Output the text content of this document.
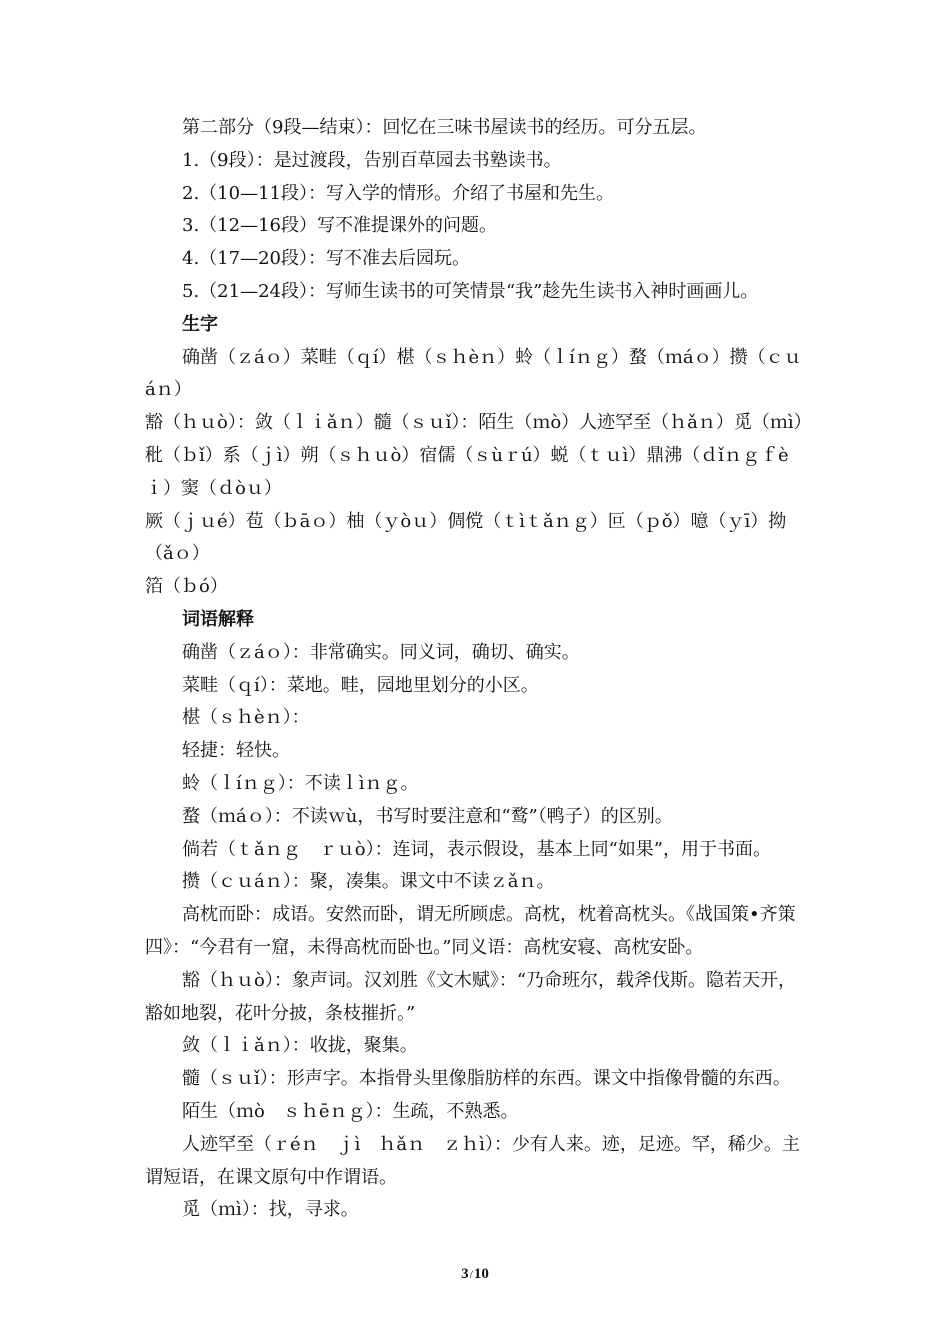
第二部分（9段—结束）：回忆在三味书屋读书的经历。可分五层。

1.（9段）：是过渡段，告别百草园去书塾读书。

2.（10—11段）：写入学的情形。介绍了书屋和先生。

3.（12—16段）写不准提课外的问题。

4.（17—20段）：写不准去后园玩。

5.（21—24段）：写师生读书的可笑情景“我”趁先生读书入神时画画儿。

生字

确凿（ｚáｏ）菜畦（ｑí）椹（ｓｈèｎ）蛉（ｌíｎｇ）蝥（ｍáｏ）攒（ｃｕáｎ）

豁（ｈｕò）：敛（ｌｉǎｎ）髓（ｓｕǐ）：陌生（ｍò）人迹罕至（ｈǎｎ）觅（ｍì）秕（ｂǐ）系（ｊì）朔（ｓｈｕò）宿儒（ｓùｒú）蜕（ｔｕì）鼎沸（ｄǐｎｇｆèｉ）窦（ｄòｕ）

厥（ｊｕé）苞（ｂāｏ）柚（ｙòｕ）倜傥（ｔìｔǎｎｇ）叵（ｐǒ）噫（ｙī）拗（ǎｏ）

箔（ｂó）

词语解释

确凿（ｚáｏ）：非常确实。同义词，确切、确实。

菜畦（ｑí）：菜地。畦，园地里划分的小区。

椹（ｓｈèｎ）：

轻捷：轻快。

蛉（ｌíｎｇ）：不读ｌìｎｇ。

蝥（ｍáｏ）：不读ｗù，书写时要注意和“鹜”（鸭子）的区别。

倘若（ｔǎｎｇ　ｒｕò）：连词，表示假设，基本上同“如果”，用于书面。

攒（ｃｕáｎ）：聚，凑集。课文中不读ｚǎｎ。

高枕而卧：成语。安然而卧，谓无所顾虑。高枕，枕着高枕头。《战国策•齐策四》：“今君有一窟，未得高枕而卧也。”同义语：高枕安寝、高枕安卧。

豁（ｈｕò）：象声词。汉刘胜《文木赋》：“乃命班尔，载斧伐斯。隐若天开，豁如地裂，花叶分披，条枝摧折。”

敛（ｌｉǎｎ）：收拢，聚集。

髓（ｓｕǐ）：形声字。本指骨头里像脂肪样的东西。课文中指像骨髓的东西。

陌生（ｍò　ｓｈēｎｇ）：生疏，不熟悉。

人迹罕至（ｒéｎ　ｊì　ｈǎｎ　ｚｈì）：少有人来。迹，足迹。罕，稀少。主谓短语，在课文原句中作谓语。

觅（ｍì）：找，寻求。

3/10
